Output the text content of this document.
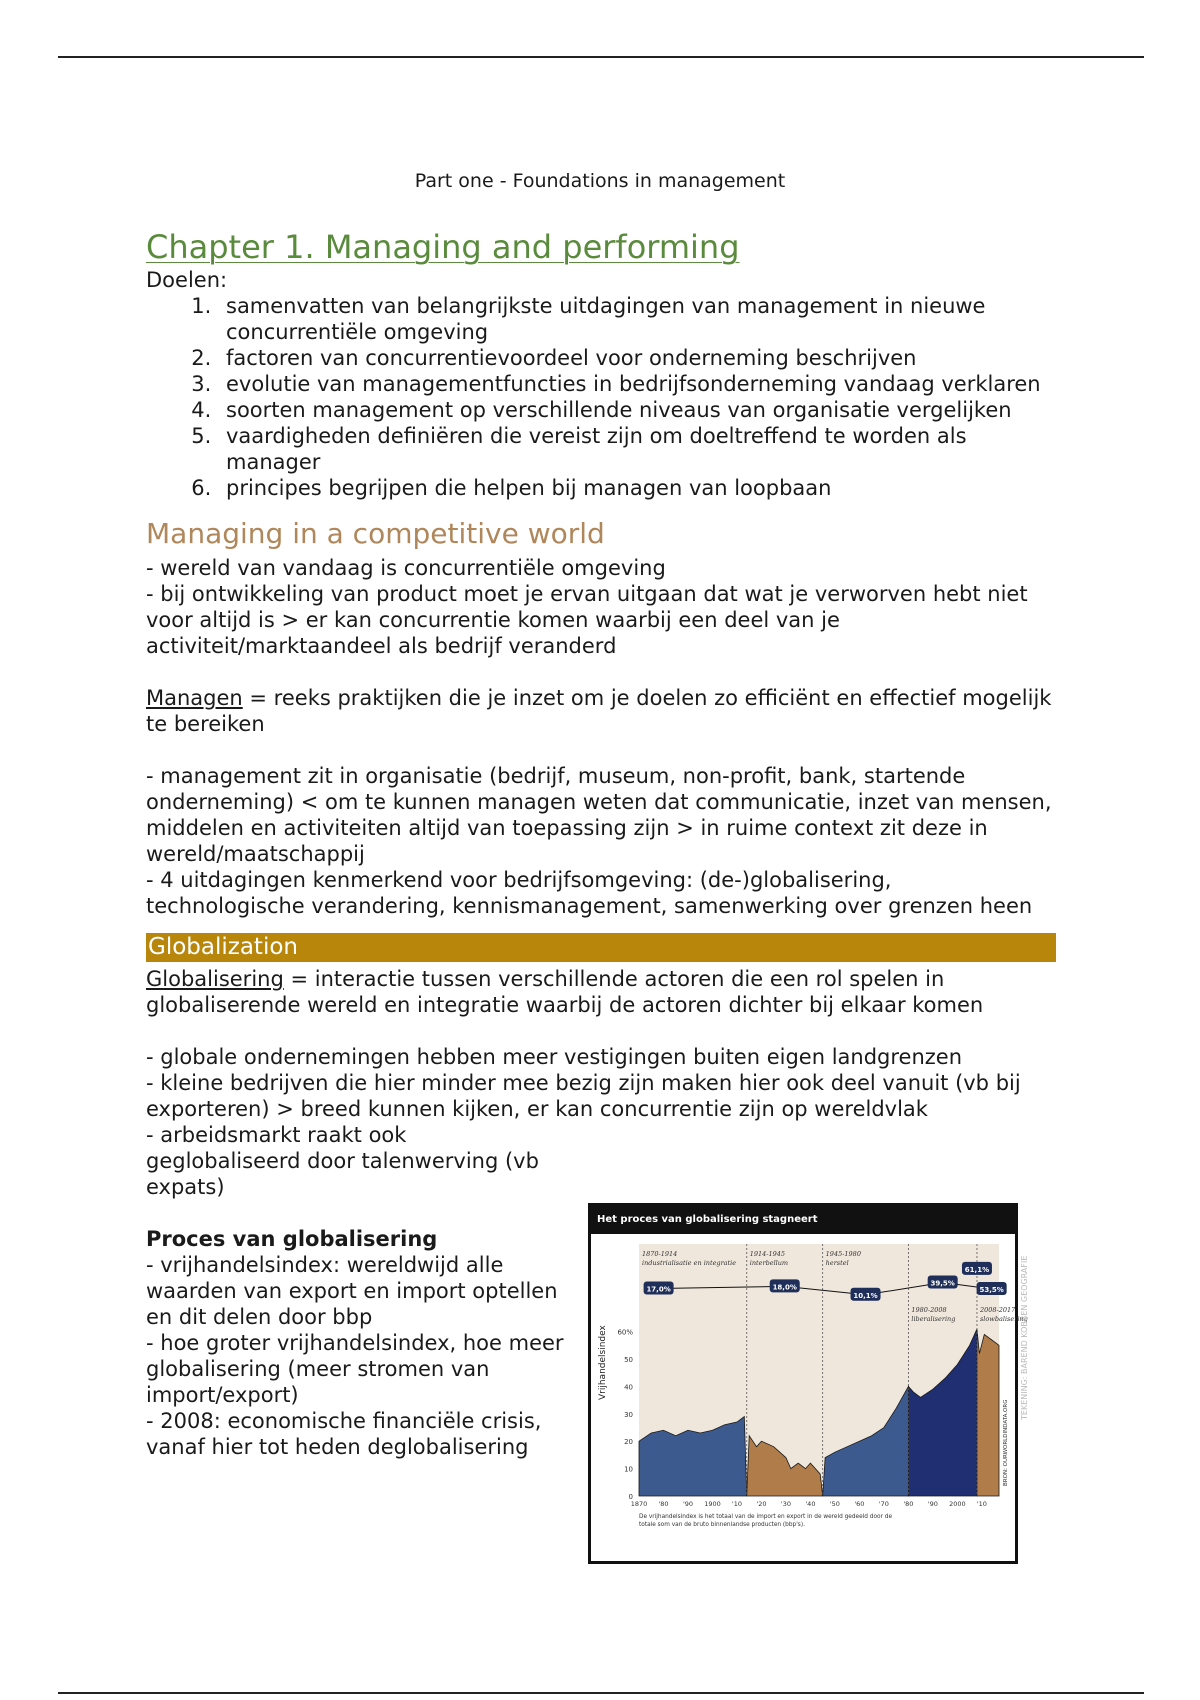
Part one - Foundations in management
Chapter 1. Managing and performing

Doelen:

1. samenvatten van belangrijkste uitdagingen van management in nieuwe concurrentiële omgeving
2. factoren van concurrentievoordeel voor onderneming beschrijven
3. evolutie van managementfuncties in bedrijfsonderneming vandaag verklaren
4. soorten management op verschillende niveaus van organisatie vergelijken
5. vaardigheden definiëren die vereist zijn om doeltreffend te worden als manager
6. principes begrijpen die helpen bij managen van loopbaan
Managing in a competitive world

- wereld van vandaag is concurrentiële omgeving

- bij ontwikkeling van product moet je ervan uitgaan dat wat je verworven hebt niet voor altijd is > er kan concurrentie komen waarbij een deel van je activiteit/marktaandeel als bedrijf veranderd

Managen = reeks praktijken die je inzet om je doelen zo efficiënt en effectief mogelijk te bereiken

- management zit in organisatie (bedrijf, museum, non-profit, bank, startende onderneming) < om te kunnen managen weten dat communicatie, inzet van mensen, middelen en activiteiten altijd van toepassing zijn > in ruime context zit deze in wereld/maatschappij

- 4 uitdagingen kenmerkend voor bedrijfsomgeving: (de-)globalisering, technologische verandering, kennismanagement, samenwerking over grenzen heen

Globalization

Globalisering = interactie tussen verschillende actoren die een rol spelen in globaliserende wereld en integratie waarbij de actoren dichter bij elkaar komen

- globale ondernemingen hebben meer vestigingen buiten eigen landgrenzen

- kleine bedrijven die hier minder mee bezig zijn maken hier ook deel vanuit (vb bij exporteren) > breed kunnen kijken, er kan concurrentie zijn op wereldvlak

- arbeidsmarkt raakt ook geglobaliseerd door talenwerving (vb expats)

Proces van globalisering

- vrijhandelsindex: wereldwijd alle waarden van export en import optellen en dit delen door bbp

- hoe groter vrijhandelsindex, hoe meer globalisering (meer stromen van import/export)

- 2008: economische financiële crisis, vanaf hier tot heden deglobalisering

Het proces van globalisering stagneert
0
10
20
30
40
50
60%
Vrijhandelsindex
1870-1914
industrialisatie en integratie
1914-1945
interbellum
1945-1980
herstel
1980-2008
liberalisering
2008-2017
slowbalisering
17,0%	18,0%
10,1%
39,5%
53,5%
61,1%
1870 '80 '90 1900 '10 '20 '30 '40 '50 '60 '70 '80 '90 2000 '10
BRON: OURWORLDINDATA.ORG
De vrijhandelsindex is het totaal van de import en export in de wereld gedeeld door de
totale som van de bruto binnenlandse producten (bbp's).
TEKENING: BAREND KOBBEN GEOGRAFIE
